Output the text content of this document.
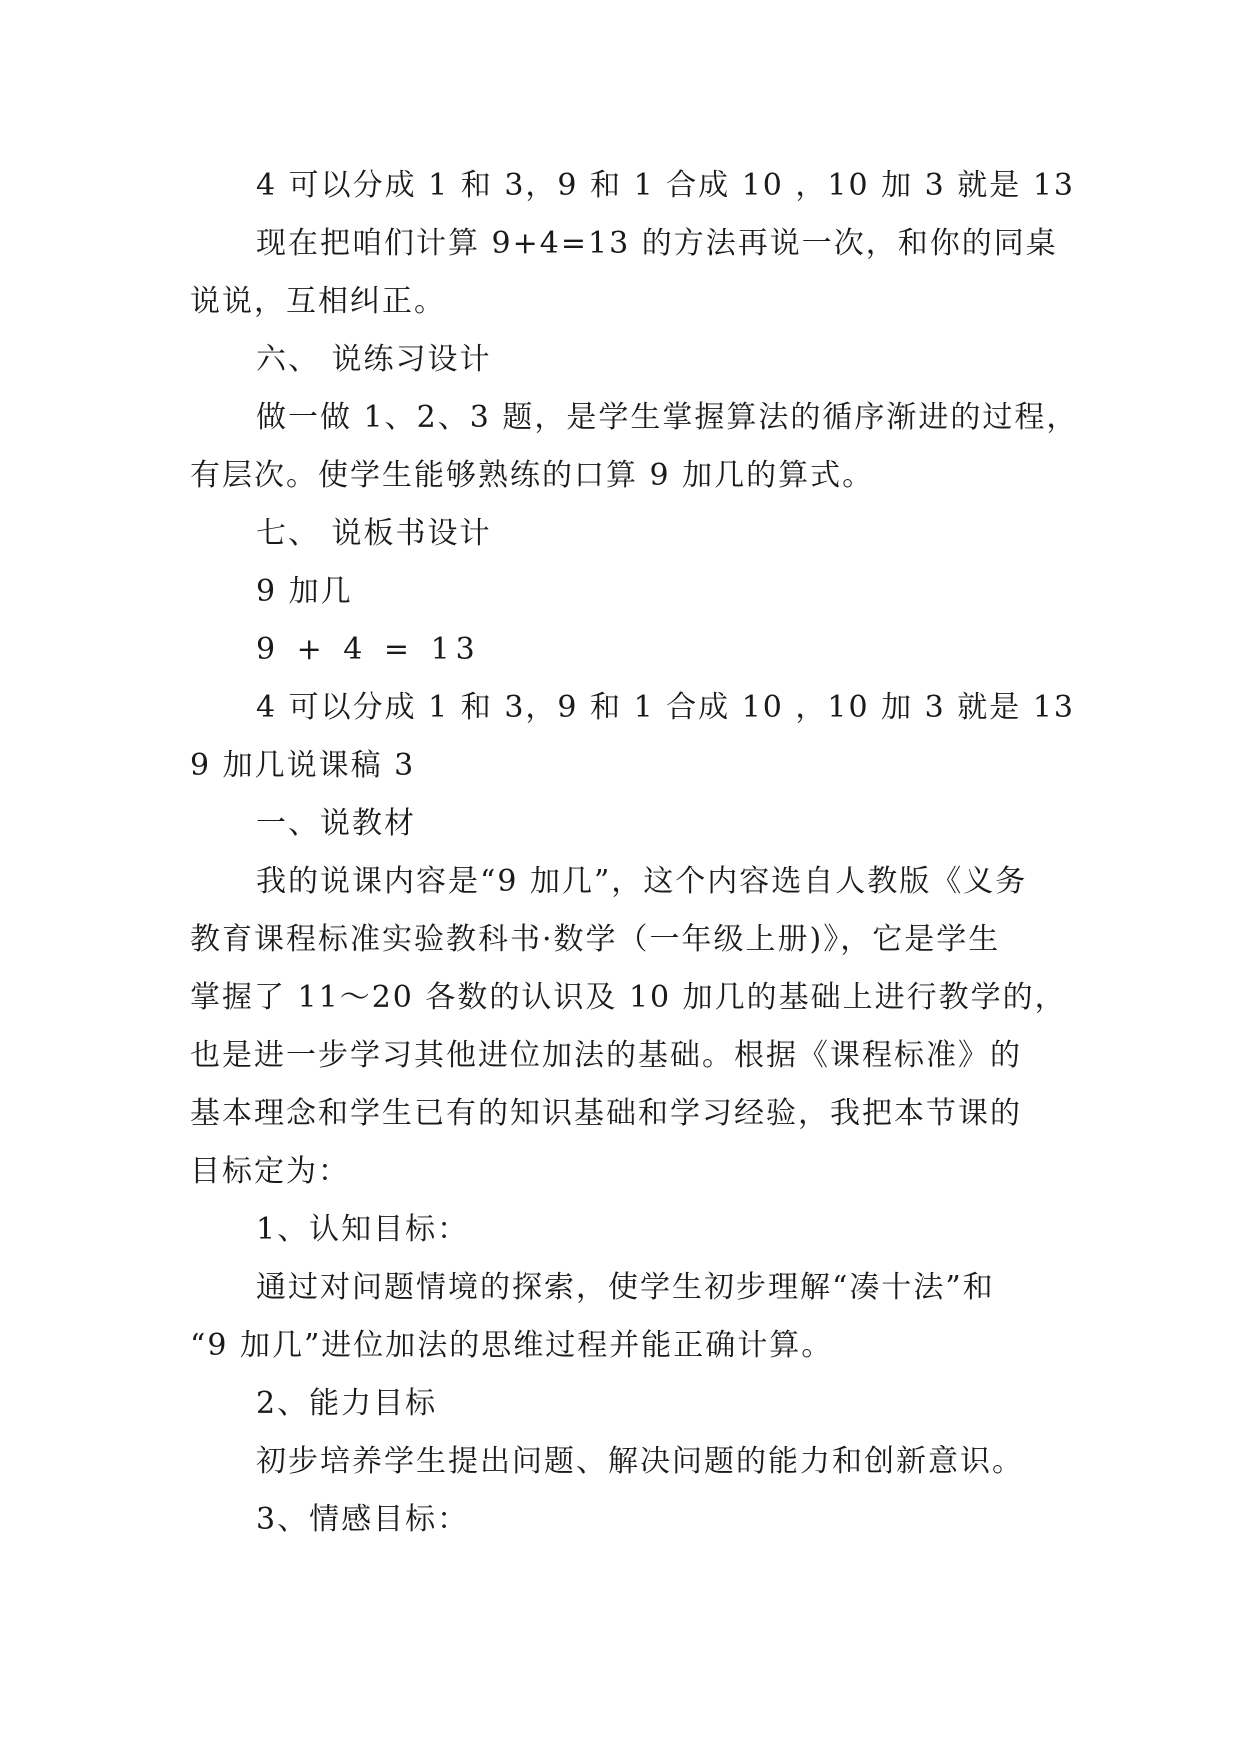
4 可以分成 1 和 3，9 和 1 合成 10 ，10 加 3 就是 13
现在把咱们计算 9+4=13 的方法再说一次，和你的同桌
说说，互相纠正。
六、 说练习设计
做一做 1、2、3 题，是学生掌握算法的循序渐进的过程，
有层次。使学生能够熟练的口算 9 加几的算式。
七、 说板书设计
9 加几
9 + 4 = 13
4 可以分成 1 和 3，9 和 1 合成 10 ，10 加 3 就是 13
9 加几说课稿 3
一、说教材
我的说课内容是“9 加几”，这个内容选自人教版《义务
教育课程标准实验教科书·数学（一年级上册)》，它是学生
掌握了 11～20 各数的认识及 10 加几的基础上进行教学的，
也是进一步学习其他进位加法的基础。根据《课程标准》的
基本理念和学生已有的知识基础和学习经验，我把本节课的
目标定为：
1、认知目标：
通过对问题情境的探索，使学生初步理解“凑十法”和
“9 加几”进位加法的思维过程并能正确计算。
2、能力目标
初步培养学生提出问题、解决问题的能力和创新意识。
3、情感目标：
